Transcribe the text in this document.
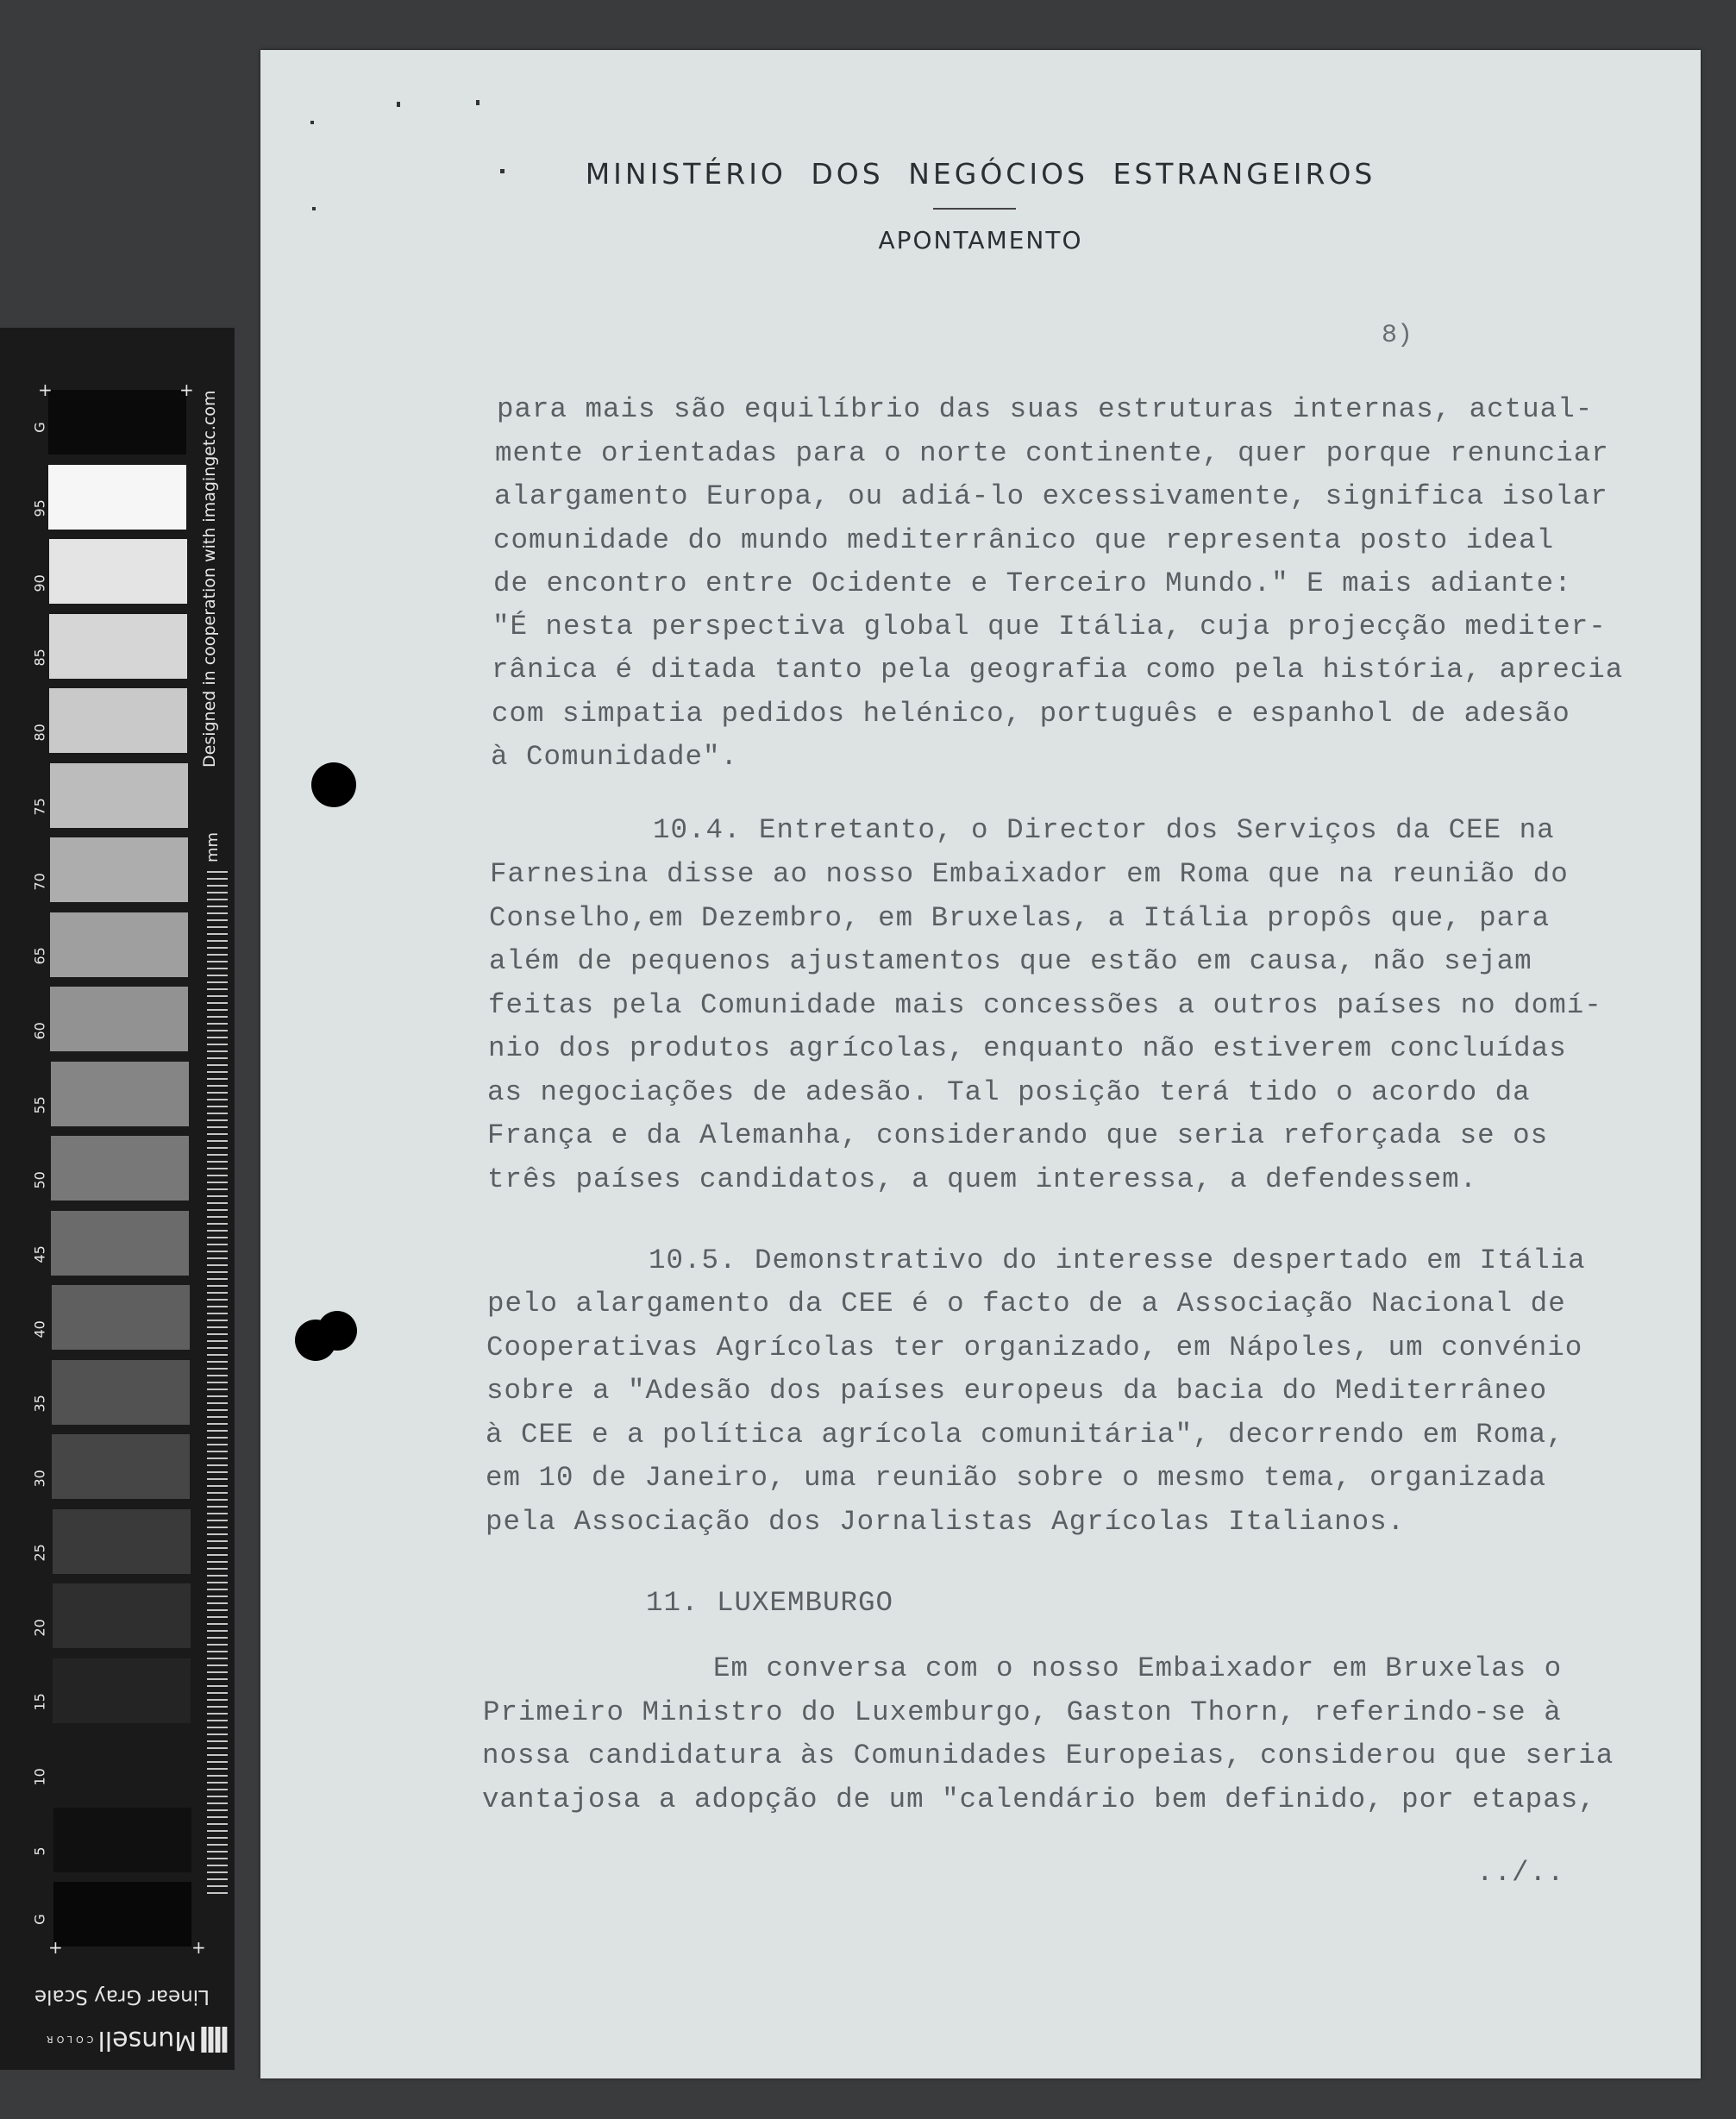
95
90
85
80
75
70
65
60
55
50
45
40
35
30
25
20
15
10
5
Designed in cooperation with imagingetc.com
mm
+	+
+	+
G
G
Linear Gray Scale
Munsell COLOR
MINISTÉRIO DOS NEGÓCIOS ESTRANGEIROS
APONTAMENTO
8)
para mais são equilíbrio das suas estruturas internas, actual-
mente orientadas para o norte continente, quer porque renunciar
alargamento Europa, ou adiá-lo excessivamente, significa isolar
comunidade do mundo mediterrânico que representa posto ideal
de encontro entre Ocidente e Terceiro Mundo." E mais adiante:
"É nesta perspectiva global que Itália, cuja projecção mediter-
rânica é ditada tanto pela geografia como pela história, aprecia
com simpatia pedidos helénico, português e espanhol de adesão
à Comunidade".
10.4. Entretanto, o Director dos Serviços da CEE na
Farnesina disse ao nosso Embaixador em Roma que na reunião do
Conselho,em Dezembro, em Bruxelas, a Itália propôs que, para
além de pequenos ajustamentos que estão em causa, não sejam
feitas pela Comunidade mais concessões a outros países no domí-
nio dos produtos agrícolas, enquanto não estiverem concluídas
as negociações de adesão. Tal posição terá tido o acordo da
França e da Alemanha, considerando que seria reforçada se os
três países candidatos, a quem interessa, a defendessem.
10.5. Demonstrativo do interesse despertado em Itália
pelo alargamento da CEE é o facto de a Associação Nacional de
Cooperativas Agrícolas ter organizado, em Nápoles, um convénio
sobre a "Adesão dos países europeus da bacia do Mediterrâneo
à CEE e a política agrícola comunitária", decorrendo em Roma,
em 10 de Janeiro, uma reunião sobre o mesmo tema, organizada
pela Associação dos Jornalistas Agrícolas Italianos.
11. LUXEMBURGO
Em conversa com o nosso Embaixador em Bruxelas o
Primeiro Ministro do Luxemburgo, Gaston Thorn, referindo-se à
nossa candidatura às Comunidades Europeias, considerou que seria
vantajosa a adopção de um "calendário bem definido, por etapas,
../..
